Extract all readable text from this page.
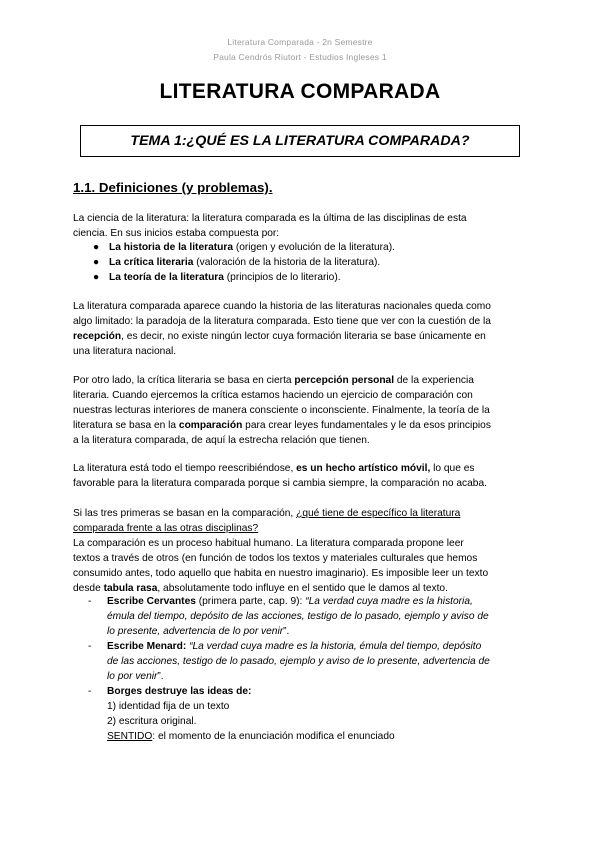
Literatura Comparada - 2n Semestre
Paula Cendrós Riutort - Estudios Ingleses 1
LITERATURA COMPARADA
TEMA 1:¿QUÉ ES LA LITERATURA COMPARADA?
1.1. Definiciones (y problemas).
La ciencia de la literatura: la literatura comparada es la última de las disciplinas de esta
ciencia. En sus inicios estaba compuesta por:
● La historia de la literatura (origen y evolución de la literatura).
● La crítica literaria (valoración de la historia de la literatura).
● La teoría de la literatura (principios de lo literario).
La literatura comparada aparece cuando la historia de las literaturas nacionales queda como
algo limitado: la paradoja de la literatura comparada. Esto tiene que ver con la cuestión de la
recepción, es decir, no existe ningún lector cuya formación literaria se base únicamente en
una literatura nacional.
Por otro lado, la crítica literaria se basa en cierta percepción personal de la experiencia
literaria. Cuando ejercemos la crítica estamos haciendo un ejercicio de comparación con
nuestras lecturas interiores de manera consciente o inconsciente. Finalmente, la teoría de la
literatura se basa en la comparación para crear leyes fundamentales y le da esos principios
a la literatura comparada, de aquí la estrecha relación que tienen.
La literatura está todo el tiempo reescribiéndose, es un hecho artístico móvil, lo que es
favorable para la literatura comparada porque si cambia siempre, la comparación no acaba.
Si las tres primeras se basan en la comparación, ¿qué tiene de específico la literatura
comparada frente a las otras disciplinas?
La comparación es un proceso habitual humano. La literatura comparada propone leer
textos a través de otros (en función de todos los textos y materiales culturales que hemos
consumido antes, todo aquello que habita en nuestro imaginario). Es imposible leer un texto
desde tabula rasa, absolutamente todo influye en el sentido que le damos al texto.
- Escribe Cervantes (primera parte, cap. 9): “La verdad cuya madre es la historia,
émula del tiempo, depósito de las acciones, testigo de lo pasado, ejemplo y aviso de
lo presente, advertencia de lo por venir”.
- Escribe Menard: “La verdad cuya madre es la historia, émula del tiempo, depósito
de las acciones, testigo de lo pasado, ejemplo y aviso de lo presente, advertencia de
lo por venir”.
- Borges destruye las ideas de:
1) identidad fija de un texto
2) escritura original.
SENTIDO: el momento de la enunciación modifica el enunciado
